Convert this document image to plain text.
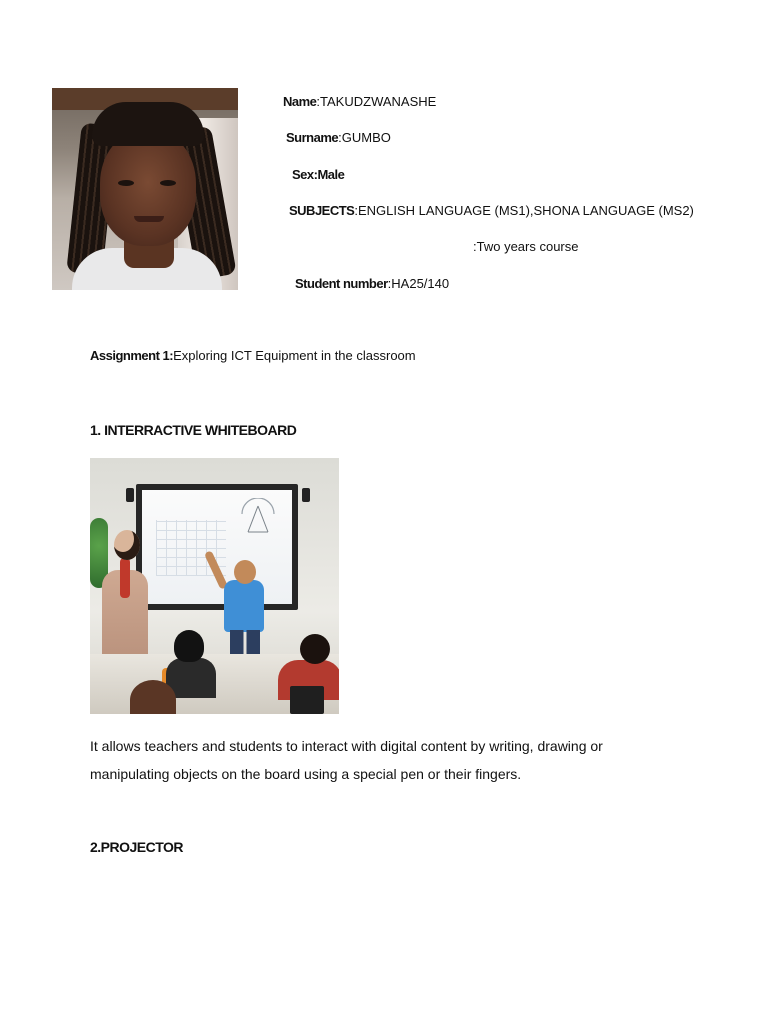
Name:TAKUDZWANASHE
Surname:GUMBO
Sex:Male
SUBJECTS:ENGLISH LANGUAGE (MS1),SHONA LANGUAGE (MS2)
:Two years course
Student number:HA25/140
Assignment 1:Exploring ICT Equipment in the classroom
1. INTERRACTIVE WHITEBOARD
It allows teachers and students to interact with digital content by writing, drawing or
manipulating objects on the board using a special pen or their fingers.
2.PROJECTOR
